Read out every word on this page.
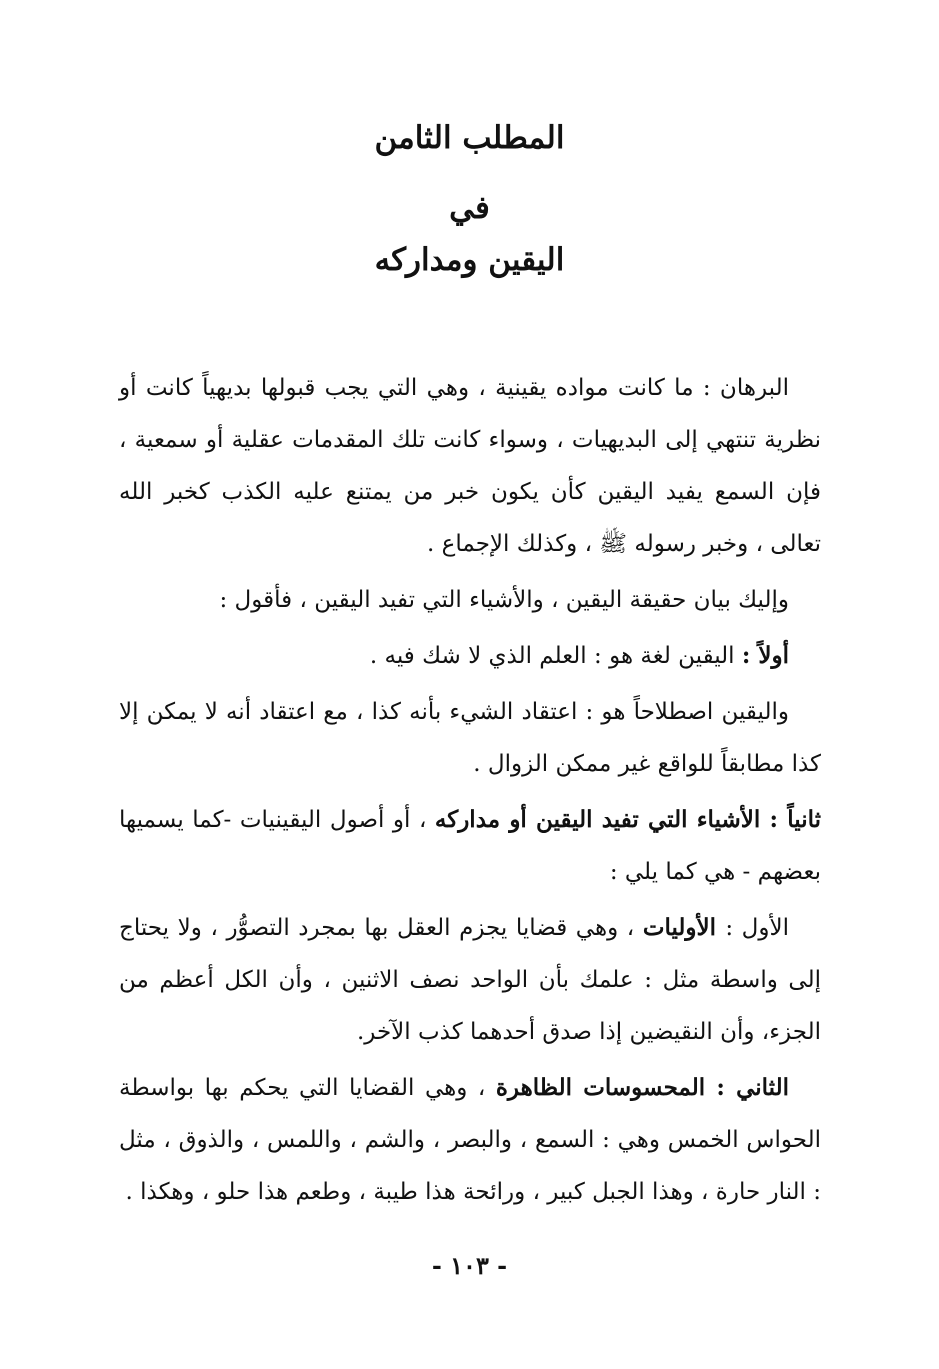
المطلب الثامن
في
اليقين ومداركه

البرهان : ما كانت مواده يقينية ، وهي التي يجب قبولها بديهياً كانت أو نظرية تنتهي إلى البديهيات ، وسواء كانت تلك المقدمات عقلية أو سمعية ، فإن السمع يفيد اليقين كأن يكون خبر من يمتنع عليه الكذب كخبر الله تعالى ، وخبر رسوله ﷺ ، وكذلك الإجماع .

وإليك بيان حقيقة اليقين ، والأشياء التي تفيد اليقين ، فأقول :

أولاً : اليقين لغة هو : العلم الذي لا شك فيه .

واليقين اصطلاحاً هو : اعتقاد الشيء بأنه كذا ، مع اعتقاد أنه لا يمكن إلا كذا مطابقاً للواقع غير ممكن الزوال .

ثانياً : الأشياء التي تفيد اليقين أو مداركه ، أو أصول اليقينيات -كما يسميها بعضهم - هي كما يلي :

الأول : الأوليات ، وهي قضايا يجزم العقل بها بمجرد التصوُّر ، ولا يحتاج إلى واسطة مثل : علمك بأن الواحد نصف الاثنين ، وأن الكل أعظم من الجزء، وأن النقيضين إذا صدق أحدهما كذب الآخر.

الثاني : المحسوسات الظاهرة ، وهي القضايا التي يحكم بها بواسطة الحواس الخمس وهي : السمع ، والبصر ، والشم ، واللمس ، والذوق ، مثل : النار حارة ، وهذا الجبل كبير ، ورائحة هذا طيبة ، وطعم هذا حلو ، وهكذا .

- ١٠٣ -
